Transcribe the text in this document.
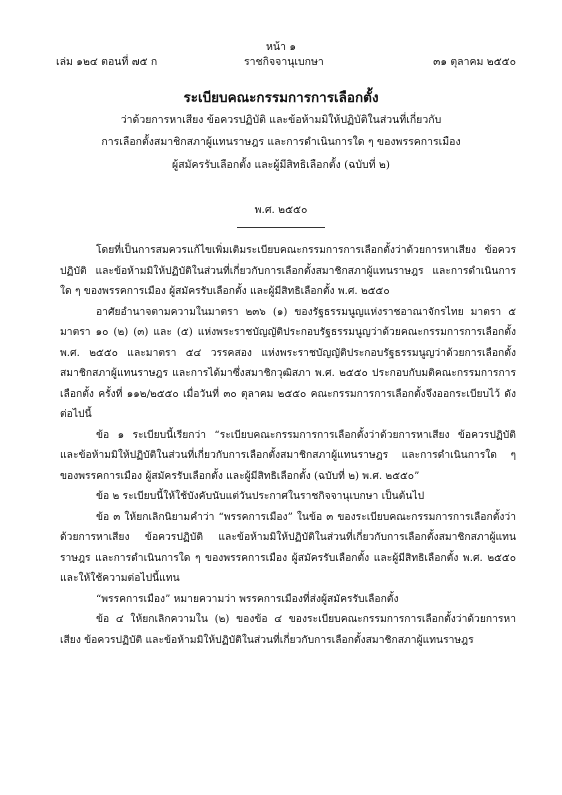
หน้า ๑
เล่ม ๑๒๔ ตอนที่ ๗๕ ก	ราชกิจจานุเบกษา	๓๑ ตุลาคม ๒๕๕๐
ระเบียบคณะกรรมการการเลือกตั้ง
ว่าด้วยการหาเสียง ข้อควรปฏิบัติ และข้อห้ามมิให้ปฏิบัติในส่วนที่เกี่ยวกับ
การเลือกตั้งสมาชิกสภาผู้แทนราษฎร และการดำเนินการใด ๆ ของพรรคการเมือง
ผู้สมัครรับเลือกตั้ง และผู้มีสิทธิเลือกตั้ง (ฉบับที่ ๒)
พ.ศ. ๒๕๕๐

โดยที่เป็นการสมควรแก้ไขเพิ่มเติมระเบียบคณะกรรมการการเลือกตั้งว่าด้วยการหาเสียง ข้อควรปฏิบัติ และข้อห้ามมิให้ปฏิบัติในส่วนที่เกี่ยวกับการเลือกตั้งสมาชิกสภาผู้แทนราษฎร และการดำเนินการใด ๆ ของพรรคการเมือง ผู้สมัครรับเลือกตั้ง และผู้มีสิทธิเลือกตั้ง พ.ศ. ๒๕๕๐

อาศัยอำนาจตามความในมาตรา ๒๓๖ (๑) ของรัฐธรรมนูญแห่งราชอาณาจักรไทย มาตรา ๕ มาตรา ๑๐ (๒) (๓) และ (๕) แห่งพระราชบัญญัติประกอบรัฐธรรมนูญว่าด้วยคณะกรรมการการเลือกตั้ง พ.ศ. ๒๕๕๐ และมาตรา ๕๔ วรรคสอง แห่งพระราชบัญญัติประกอบรัฐธรรมนูญว่าด้วยการเลือกตั้งสมาชิกสภาผู้แทนราษฎร และการได้มาซึ่งสมาชิกวุฒิสภา พ.ศ. ๒๕๕๐ ประกอบกับมติคณะกรรมการการเลือกตั้ง ครั้งที่ ๑๑๒/๒๕๕๐ เมื่อวันที่ ๓๐ ตุลาคม ๒๕๕๐ คณะกรรมการการเลือกตั้งจึงออกระเบียบไว้ ดังต่อไปนี้

ข้อ ๑ ระเบียบนี้เรียกว่า “ระเบียบคณะกรรมการการเลือกตั้งว่าด้วยการหาเสียง ข้อควรปฏิบัติ และข้อห้ามมิให้ปฏิบัติในส่วนที่เกี่ยวกับการเลือกตั้งสมาชิกสภาผู้แทนราษฎร และการดำเนินการใด ๆ ของพรรคการเมือง ผู้สมัครรับเลือกตั้ง และผู้มีสิทธิเลือกตั้ง (ฉบับที่ ๒) พ.ศ. ๒๕๕๐”

ข้อ ๒ ระเบียบนี้ให้ใช้บังคับนับแต่วันประกาศในราชกิจจานุเบกษา เป็นต้นไป

ข้อ ๓ ให้ยกเลิกนิยามคำว่า “พรรคการเมือง” ในข้อ ๓ ของระเบียบคณะกรรมการการเลือกตั้งว่าด้วยการหาเสียง ข้อควรปฏิบัติ และข้อห้ามมิให้ปฏิบัติในส่วนที่เกี่ยวกับการเลือกตั้งสมาชิกสภาผู้แทนราษฎร และการดำเนินการใด ๆ ของพรรคการเมือง ผู้สมัครรับเลือกตั้ง และผู้มีสิทธิเลือกตั้ง พ.ศ. ๒๕๕๐ และให้ใช้ความต่อไปนี้แทน

“พรรคการเมือง” หมายความว่า พรรคการเมืองที่ส่งผู้สมัครรับเลือกตั้ง

ข้อ ๔ ให้ยกเลิกความใน (๒) ของข้อ ๔ ของระเบียบคณะกรรมการการเลือกตั้งว่าด้วยการหาเสียง ข้อควรปฏิบัติ และข้อห้ามมิให้ปฏิบัติในส่วนที่เกี่ยวกับการเลือกตั้งสมาชิกสภาผู้แทนราษฎร
